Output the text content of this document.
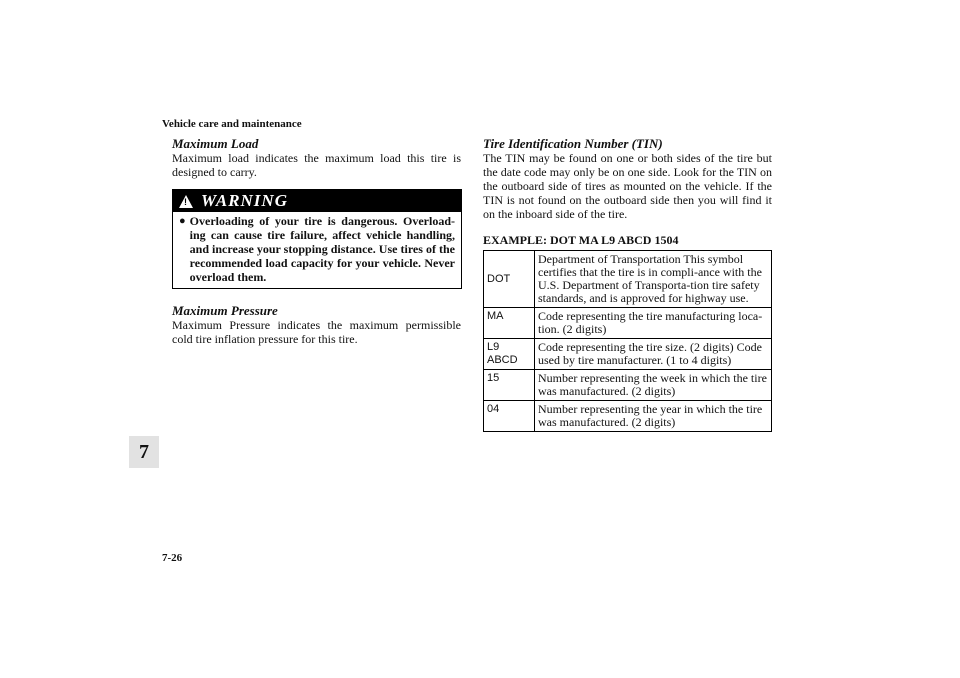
Vehicle care and maintenance
Maximum Load

Maximum load indicates the maximum load this tire is designed to carry.

! WARNING
● Overloading of your tire is dangerous. Overload-ing can cause tire failure, affect vehicle handling, and increase your stopping distance. Use tires of the recommended load capacity for your vehicle. Never overload them.
Maximum Pressure

Maximum Pressure indicates the maximum permissible cold tire inflation pressure for this tire.

Tire Identification Number (TIN)

The TIN may be found on one or both sides of the tire but the date code may only be on one side. Look for the TIN on the outboard side of tires as mounted on the vehicle. If the TIN is not found on the outboard side then you will find it on the inboard side of the tire.

EXAMPLE: DOT MA L9 ABCD 1504
DOT	Department of Transportation This symbol certifies that the tire is in compli-ance with the U.S. Department of Transporta-tion tire safety standards, and is approved for highway use.
MA	Code representing the tire manufacturing loca-tion. (2 digits)
L9 ABCD	Code representing the tire size. (2 digits) Code used by tire manufacturer. (1 to 4 digits)
15	Number representing the week in which the tire was manufactured. (2 digits)
04	Number representing the year in which the tire was manufactured. (2 digits)
7
7-26
